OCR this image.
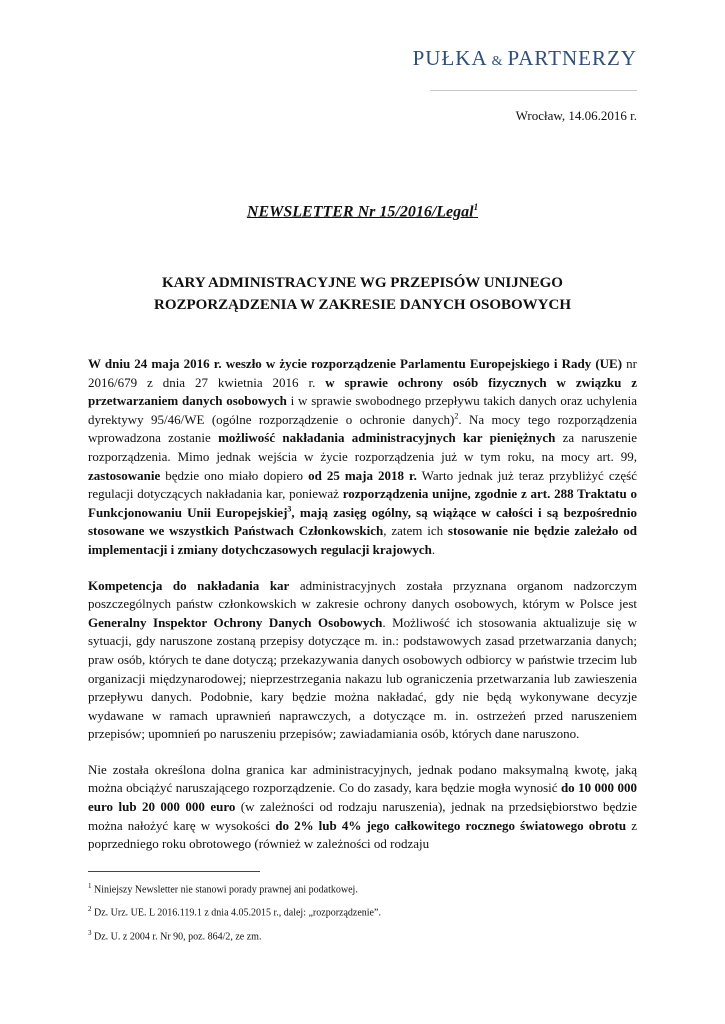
PUŁKA & PARTNERZY
Wrocław, 14.06.2016 r.
NEWSLETTER Nr 15/2016/Legal$^1$
KARY ADMINISTRACYJNE WG PRZEPISÓW UNIJNEGO
ROZPORZĄDZENIA W ZAKRESIE DANYCH OSOBOWYCH

W dniu 24 maja 2016 r. weszło w życie rozporządzenie Parlamentu Europejskiego i Rady (UE) nr 2016/679 z dnia 27 kwietnia 2016 r. w sprawie ochrony osób fizycznych w związku z przetwarzaniem danych osobowych i w sprawie swobodnego przepływu takich danych oraz uchylenia dyrektywy 95/46/WE (ogólne rozporządzenie o ochronie danych)$^2$. Na mocy tego rozporządzenia wprowadzona zostanie możliwość nakładania administracyjnych kar pieniężnych za naruszenie rozporządzenia. Mimo jednak wejścia w życie rozporządzenia już w tym roku, na mocy art. 99, zastosowanie będzie ono miało dopiero od 25 maja 2018 r. Warto jednak już teraz przybliżyć część regulacji dotyczących nakładania kar, ponieważ rozporządzenia unijne, zgodnie z art. 288 Traktatu o Funkcjonowaniu Unii Europejskiej$^3$, mają zasięg ogólny, są wiążące w całości i są bezpośrednio stosowane we wszystkich Państwach Członkowskich, zatem ich stosowanie nie będzie zależało od implementacji i zmiany dotychczasowych regulacji krajowych.

Kompetencja do nakładania kar administracyjnych została przyznana organom nadzorczym poszczególnych państw członkowskich w zakresie ochrony danych osobowych, którym w Polsce jest Generalny Inspektor Ochrony Danych Osobowych. Możliwość ich stosowania aktualizuje się w sytuacji, gdy naruszone zostaną przepisy dotyczące m. in.: podstawowych zasad przetwarzania danych; praw osób, których te dane dotyczą; przekazywania danych osobowych odbiorcy w państwie trzecim lub organizacji międzynarodowej; nieprzestrzegania nakazu lub ograniczenia przetwarzania lub zawieszenia przepływu danych. Podobnie, kary będzie można nakładać, gdy nie będą wykonywane decyzje wydawane w ramach uprawnień naprawczych, a dotyczące m. in. ostrzeżeń przed naruszeniem przepisów; upomnień po naruszeniu przepisów; zawiadamiania osób, których dane naruszono.

Nie została określona dolna granica kar administracyjnych, jednak podano maksymalną kwotę, jaką można obciążyć naruszającego rozporządzenie. Co do zasady, kara będzie mogła wynosić do 10 000 000 euro lub 20 000 000 euro (w zależności od rodzaju naruszenia), jednak na przedsiębiorstwo będzie można nałożyć karę w wysokości do 2% lub 4% jego całkowitego rocznego światowego obrotu z poprzedniego roku obrotowego (również w zależności od rodzaju

$^1$ Niniejszy Newsletter nie stanowi porady prawnej ani podatkowej.
$^2$ Dz. Urz. UE. L 2016.119.1 z dnia 4.05.2015 r., dalej: „rozporządzenie”.
$^3$ Dz. U. z 2004 r. Nr 90, poz. 864/2, ze zm.
